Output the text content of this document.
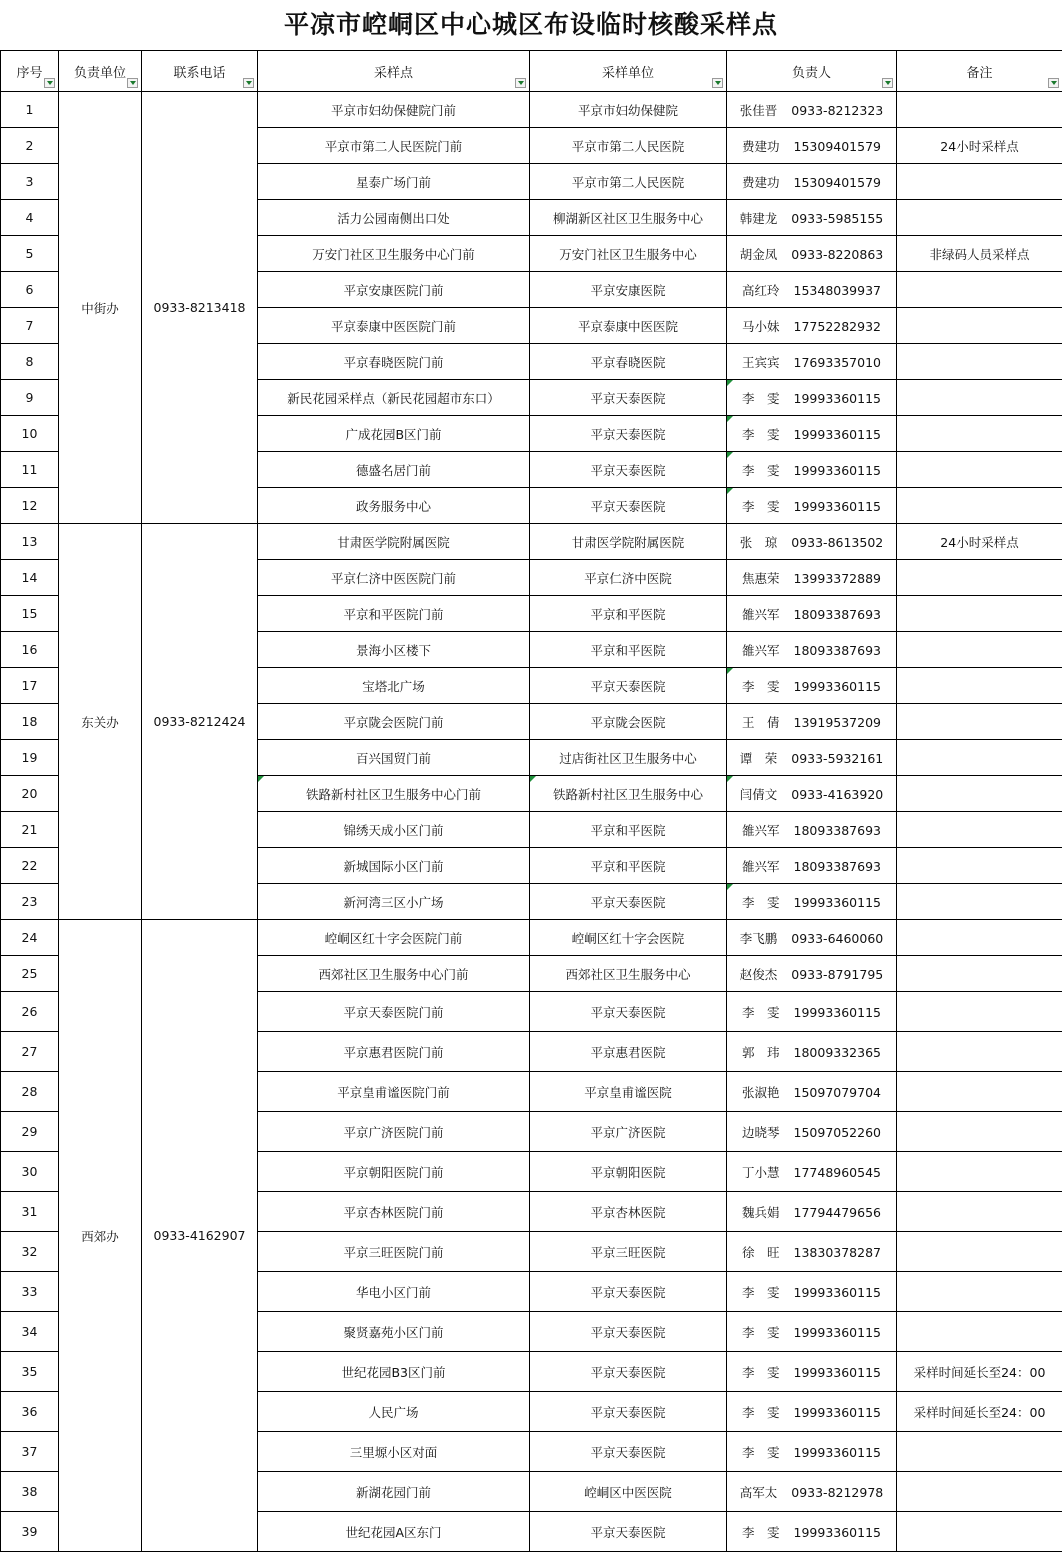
平凉市崆峒区中心城区布设临时核酸采样点
序号	负责单位	联系电话	采样点	采样单位	负责人	备注

1	中街办	0933-8213418	平京市妇幼保健院门前	平京市妇幼保健院	张佳晋 0933-8212323	
2			平京市第二人民医院门前	平京市第二人民医院	费建功 15309401579	24小时采样点
3			星泰广场门前	平京市第二人民医院	费建功 15309401579	
4			活力公园南侧出口处	柳湖新区社区卫生服务中心	韩建龙 0933-5985155	
5			万安门社区卫生服务中心门前	万安门社区卫生服务中心	胡金凤 0933-8220863	非绿码人员采样点
6			平京安康医院门前	平京安康医院	高红玲 15348039937	
7			平京泰康中医医院门前	平京泰康中医医院	马小妹 17752282932	
8			平京春晓医院门前	平京春晓医院	王宾宾 17693357010	
9			新民花园采样点（新民花园超市东口）	平京天泰医院	李　雯 19993360115	
10			广成花园B区门前	平京天泰医院	李　雯 19993360115	
11			德盛名居门前	平京天泰医院	李　雯 19993360115	
12			政务服务中心	平京天泰医院	李　雯 19993360115	
13	东关办	0933-8212424	甘肃医学院附属医院	甘肃医学院附属医院	张　琼 0933-8613502	24小时采样点
14			平京仁济中医医院门前	平京仁济中医院	焦惠荣 13993372889	
15			平京和平医院门前	平京和平医院	雒兴军 18093387693	
16			景海小区楼下	平京和平医院	雒兴军 18093387693	
17			宝塔北广场	平京天泰医院	李　雯 19993360115	
18			平京陇会医院门前	平京陇会医院	王　倩 13919537209	
19			百兴国贸门前	过店街社区卫生服务中心	谭　荣 0933-5932161	
20			铁路新村社区卫生服务中心门前	铁路新村社区卫生服务中心	闫倩文 0933-4163920	
21			锦绣天成小区门前	平京和平医院	雒兴军 18093387693	
22			新城国际小区门前	平京和平医院	雒兴军 18093387693	
23			新河湾三区小广场	平京天泰医院	李　雯 19993360115	
24	西郊办	0933-4162907	崆峒区红十字会医院门前	崆峒区红十字会医院	李飞鹏 0933-6460060	
25			西郊社区卫生服务中心门前	西郊社区卫生服务中心	赵俊杰 0933-8791795	
26			平京天泰医院门前	平京天泰医院	李　雯 19993360115	
27			平京惠君医院门前	平京惠君医院	郭　玮 18009332365	
28			平京皇甫谧医院门前	平京皇甫谧医院	张淑艳 15097079704	
29			平京广济医院门前	平京广济医院	边晓琴 15097052260	
30			平京朝阳医院门前	平京朝阳医院	丁小慧 17748960545	
31			平京杏林医院门前	平京杏林医院	魏兵娟 17794479656	
32			平京三旺医院门前	平京三旺医院	徐　旺 13830378287	
33			华电小区门前	平京天泰医院	李　雯 19993360115	
34			聚贤嘉苑小区门前	平京天泰医院	李　雯 19993360115	
35			世纪花园B3区门前	平京天泰医院	李　雯 19993360115	采样时间延长至24：00
36			人民广场	平京天泰医院	李　雯 19993360115	采样时间延长至24：00
37			三里塬小区对面	平京天泰医院	李　雯 19993360115	
38			新湖花园门前	崆峒区中医医院	高军太 0933-8212978	
39			世纪花园A区东门	平京天泰医院	李　雯 19993360115	
